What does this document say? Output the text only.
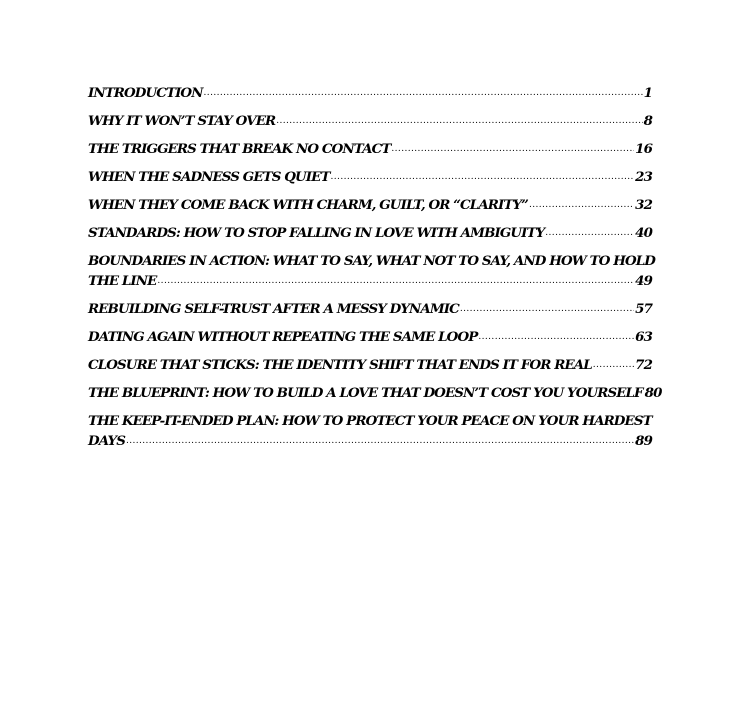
INTRODUCTION .....	1
WHY IT WON’T STAY OVER .....	8
THE TRIGGERS THAT BREAK NO CONTACT .....	16
WHEN THE SADNESS GETS QUIET .....	23
WHEN THEY COME BACK WITH CHARM, GUILT, OR “CLARITY” .....	32
STANDARDS: HOW TO STOP FALLING IN LOVE WITH AMBIGUITY .....	40
BOUNDARIES IN ACTION: WHAT TO SAY, WHAT NOT TO SAY, AND HOW TO HOLD
THE LINE .....	49
REBUILDING SELF-TRUST AFTER A MESSY DYNAMIC .....	57
DATING AGAIN WITHOUT REPEATING THE SAME LOOP .....	63
CLOSURE THAT STICKS: THE IDENTITY SHIFT THAT ENDS IT FOR REAL .....	72
THE BLUEPRINT: HOW TO BUILD A LOVE THAT DOESN’T COST YOU YOURSELF 80
THE KEEP-IT-ENDED PLAN: HOW TO PROTECT YOUR PEACE ON YOUR HARDEST
DAYS .....	89
